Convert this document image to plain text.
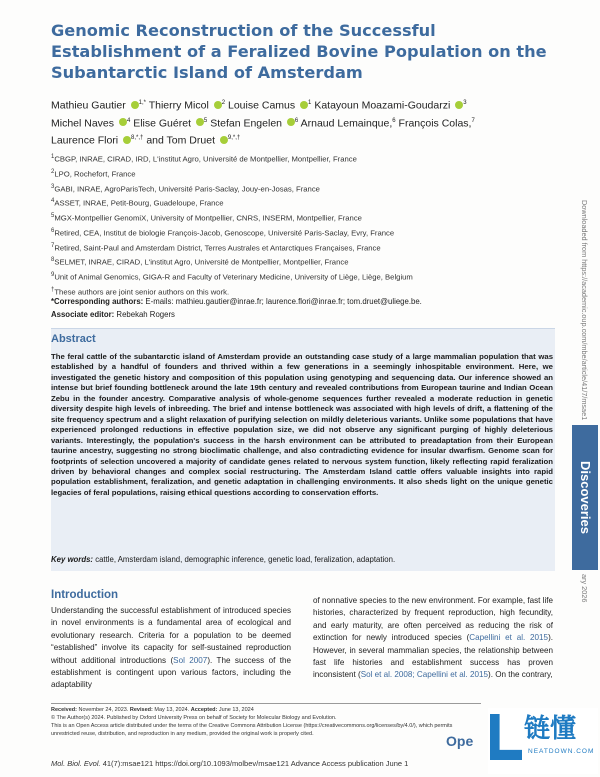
Genomic Reconstruction of the Successful Establishment of a Feralized Bovine Population on the Subantarctic Island of Amsterdam
Mathieu Gautier $^{1,*}$ Thierry Micol $^2$ Louise Camus $^1$ Katayoun Moazami-Goudarzi $^3$
Michel Naves $^4$ Elise Guéret $^5$ Stefan Engelen $^6$ Arnaud Lemainque,$^6$ François Colas,$^7$
Laurence Flori $^{8,*,\dagger}$ and Tom Druet $^{9,*,\dagger}$
$^1$CBGP, INRAE, CIRAD, IRD, L'institut Agro, Université de Montpellier, Montpellier, France
$^2$LPO, Rochefort, France
$^3$GABI, INRAE, AgroParisTech, Université Paris-Saclay, Jouy-en-Josas, France
$^4$ASSET, INRAE, Petit-Bourg, Guadeloupe, France
$^5$MGX-Montpellier GenomiX, University of Montpellier, CNRS, INSERM, Montpellier, France
$^6$Retired, CEA, Institut de biologie François-Jacob, Genoscope, Université Paris-Saclay, Evry, France
$^7$Retired, Saint-Paul and Amsterdam District, Terres Australes et Antarctiques Françaises, France
$^8$SELMET, INRAE, CIRAD, L'institut Agro, Université de Montpellier, Montpellier, France
$^9$Unit of Animal Genomics, GIGA-R and Faculty of Veterinary Medicine, University of Liège, Liège, Belgium
†These authors are joint senior authors on this work.
*Corresponding authors: E-mails: mathieu.gautier@inrae.fr; laurence.flori@inrae.fr; tom.druet@uliege.be.
Associate editor: Rebekah Rogers
Abstract
The feral cattle of the subantarctic island of Amsterdam provide an outstanding case study of a large mammalian population that was established by a handful of founders and thrived within a few generations in a seemingly inhospitable environment. Here, we investigated the genetic history and composition of this population using genotyping and sequencing data. Our inference showed an intense but brief founding bottleneck around the late 19th century and revealed contributions from European taurine and Indian Ocean Zebu in the founder ancestry. Comparative analysis of whole-genome sequences further revealed a moderate reduction in genetic diversity despite high levels of inbreeding. The brief and intense bottleneck was associated with high levels of drift, a flattening of the site frequency spectrum and a slight relaxation of purifying selection on mildly deleterious variants. Unlike some populations that have experienced prolonged reductions in effective population size, we did not observe any significant purging of highly deleterious variants. Interestingly, the population's success in the harsh environment can be attributed to preadaptation from their European taurine ancestry, suggesting no strong bioclimatic challenge, and also contradicting evidence for insular dwarfism. Genome scan for footprints of selection uncovered a majority of candidate genes related to nervous system function, likely reflecting rapid feralization driven by behavioral changes and complex social restructuring. The Amsterdam Island cattle offers valuable insights into rapid population establishment, feralization, and genetic adaptation in challenging environments. It also sheds light on the unique genetic legacies of feral populations, raising ethical questions according to conservation efforts.
Key words: cattle, Amsterdam island, demographic inference, genetic load, feralization, adaptation.
Introduction
Understanding the successful establishment of introduced species in novel environments is a fundamental area of ecological and evolutionary research. Criteria for a population to be deemed “established” involve its capacity for self-sustained reproduction without additional introductions (Sol 2007). The success of the establishment is contingent upon various factors, including the adaptability
of nonnative species to the new environment. For example, fast life histories, characterized by frequent reproduction, high fecundity, and early maturity, are often perceived as reducing the risk of extinction for newly introduced species (Capellini et al. 2015). However, in several mammalian species, the relationship between fast life histories and establishment success has proven inconsistent (Sol et al. 2008; Capellini et al. 2015). On the contrary,
Received: November 24, 2023. Revised: May 13, 2024. Accepted: June 13, 2024
© The Author(s) 2024. Published by Oxford University Press on behalf of Society for Molecular Biology and Evolution.
This is an Open Access article distributed under the terms of the Creative Commons Attribution License (https://creativecommons.org/licenses/by/4.0/), which permits unrestricted reuse, distribution, and reproduction in any medium, provided the original work is properly cited.
Mol. Biol. Evol. 41(7):msae121 https://doi.org/10.1093/molbev/msae121 Advance Access publication June 1
Downloaded from https://academic.oup.com/mbe/article/41/7/msae1
Discoveries
ary 2026
Ope 链懂
NEATDOWN.COM
